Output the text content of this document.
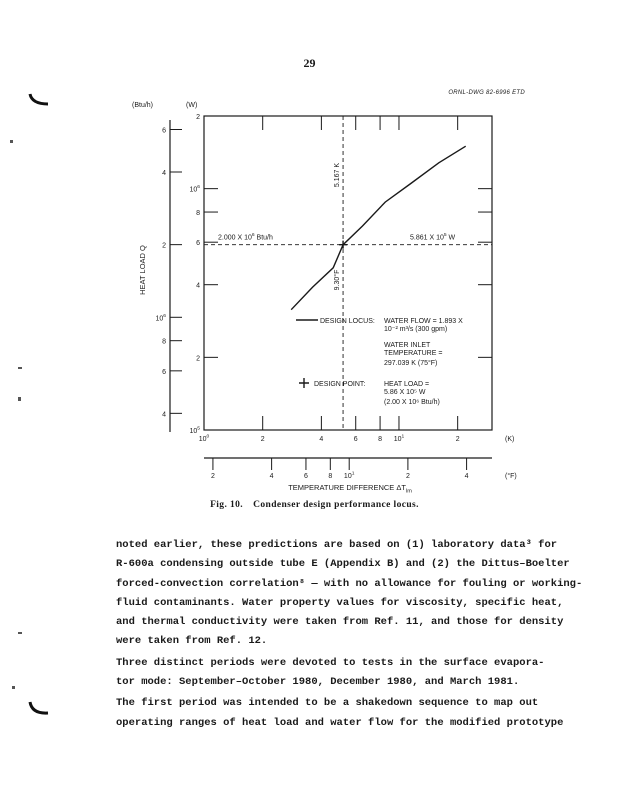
29
ORNL-DWG 82-6996 ETD
2
$10^6$
8
6
4
2
$10^5$
6
4
2
$10^6$
8
6
4
$10^0$	2	4	6	8 $10^1$	2
2	4	6	8 $10^1$	2	4
(Btu/h)	(W)
(K)
(°F)
HEAT LOAD Q
TEMPERATURE DIFFERENCE $\Delta T_{lm}$
2.000 X $10^6$ Btu/h	5.861 X $10^5$ W
5.167 K
9.30°F
DESIGN LOCUS: WATER FLOW = 1.893 X
10⁻² m³/s (300 gpm)
WATER INLET
TEMPERATURE =
297.039 K (75°F)
DESIGN POINT:	HEAT LOAD =
5.86 X 10⁵ W
(2.00 X 10⁶ Btu/h)
Fig. 10. Condenser design performance locus.

noted earlier, these predictions are based on (1) laboratory data³ for

R-600a condensing outside tube E (Appendix B) and (2) the Dittus–Boelter

forced-convection correlation⁸ — with no allowance for fouling or working-

fluid contaminants. Water property values for viscosity, specific heat,

and thermal conductivity were taken from Ref. 11, and those for density

were taken from Ref. 12.

Three distinct periods were devoted to tests in the surface evapora-

tor mode: September–October 1980, December 1980, and March 1981.

The first period was intended to be a shakedown sequence to map out

operating ranges of heat load and water flow for the modified prototype
